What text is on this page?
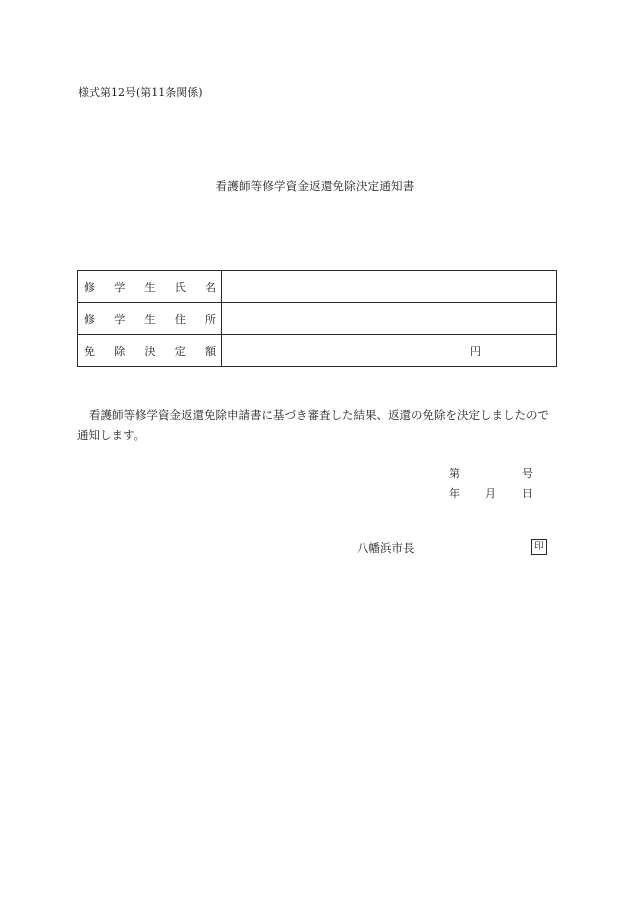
様式第12号(第11条関係)
看護師等修学資金返還免除決定通知書
修 学 生 氏 名	

修 学 生 住 所	

免 除 決 定 額	円
看護師等修学資金返還免除申請書に基づき審査した結果、返還の免除を決定しましたので通知します。
第	号
年 月 日
八幡浜市長	印
